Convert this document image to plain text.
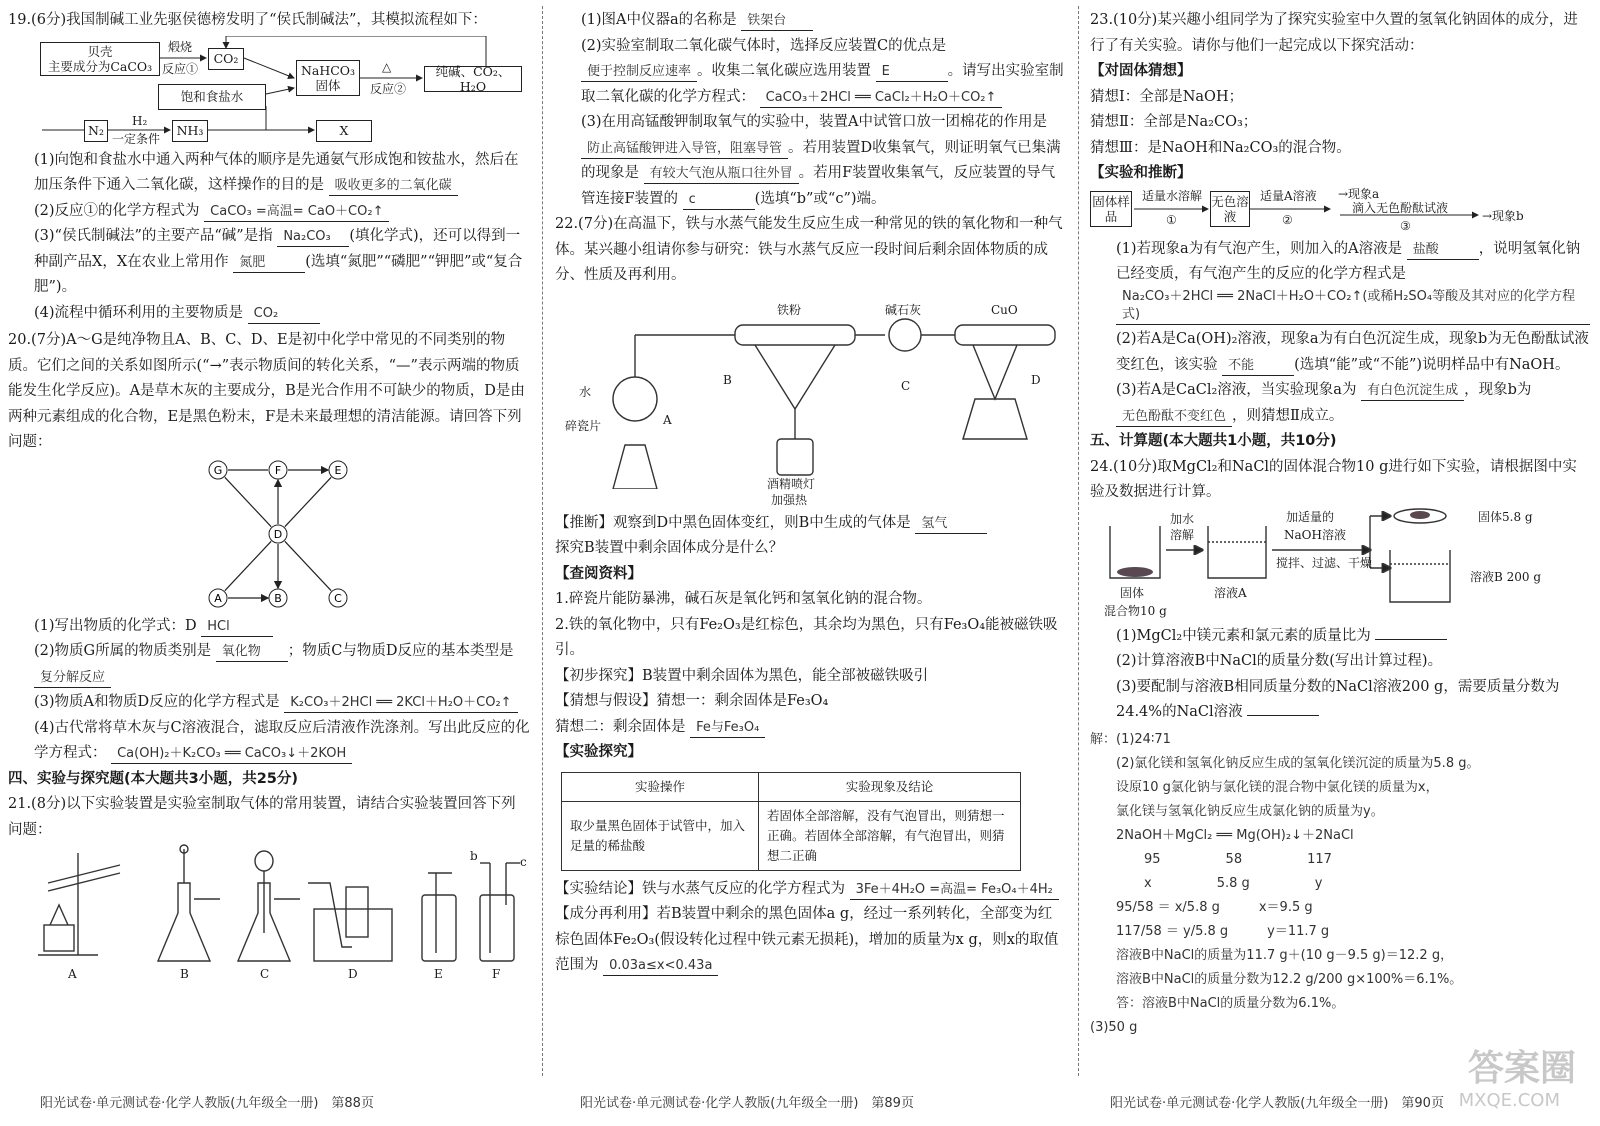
19.(6分)我国制碱工业先驱侯德榜发明了“侯氏制碱法”，其模拟流程如下：

贝壳
主要成分为CaCO₃
煅烧
反应①
CO₂
饱和食盐水
NaHCO₃
固体
△
反应②
纯碱、CO₂、H₂O
N₂
H₂
一定条件
NH₃	X

(1)向饱和食盐水中通入两种气体的顺序是先通氨气形成饱和铵盐水，然后在加压条件下通入二氧化碳，这样操作的目的是 吸收更多的二氧化碳

(2)反应①的化学方程式为 CaCO₃ =高温= CaO＋CO₂↑

(3)“侯氏制碱法”的主要产品“碱”是指 Na₂CO₃ (填化学式)，还可以得到一种副产品X，X在农业上常用作 氮肥	(选填“氮肥”“磷肥”“钾肥”或“复合肥”)。

(4)流程中循环利用的主要物质是 CO₂

20.(7分)A～G是纯净物且A、B、C、D、E是初中化学中常见的不同类别的物质。它们之间的关系如图所示(“→”表示物质间的转化关系，“—”表示两端的物质能发生化学反应)。A是草木灰的主要成分，B是光合作用不可缺少的物质，D是由两种元素组成的化合物，E是黑色粉末，F是未来最理想的清洁能源。请回答下列问题：

G	F	E
D
A	B	C

(1)写出物质的化学式：D HCl

(2)物质G所属的物质类别是 氧化物 ；物质C与物质D反应的基本类型是 复分解反应

(3)物质A和物质D反应的化学方程式是 K₂CO₃＋2HCl ══ 2KCl＋H₂O＋CO₂↑

(4)古代常将草木灰与C溶液混合，滤取反应后清液作洗涤剂。写出此反应的化学方程式： Ca(OH)₂＋K₂CO₃ ══ CaCO₃↓＋2KOH

四、实验与探究题(本大题共3小题，共25分)

21.(8分)以下实验装置是实验室制取气体的常用装置，请结合实验装置回答下列问题：

A	B	C	D	E	F
b	c

(1)图A中仪器a的名称是 铁架台

(2)实验室制取二氧化碳气体时，选择反应装置C的优点是 便于控制反应速率 。收集二氧化碳应选用装置 E	。请写出实验室制取二氧化碳的化学方程式： CaCO₃＋2HCl ══ CaCl₂＋H₂O＋CO₂↑

(3)在用高锰酸钾制取氧气的实验中，装置A中试管口放一团棉花的作用是 防止高锰酸钾进入导管，阻塞导管 。若用装置D收集氧气，则证明氧气已集满的现象是 有较大气泡从瓶口往外冒 。若用F装置收集氧气，反应装置的导气管连接F装置的 c	(选填“b”或“c”)端。

22.(7分)在高温下，铁与水蒸气能发生反应生成一种常见的铁的氧化物和一种气体。某兴趣小组请你参与研究：铁与水蒸气反应一段时间后剩余固体物质的成分、性质及再利用。

铁粉	碱石灰	CuO
水
碎瓷片	A
B	C	D
酒精喷灯
加强热

【推断】观察到D中黑色固体变红，则B中生成的气体是 氢气

探究B装置中剩余固体成分是什么？

【查阅资料】

1.碎瓷片能防暴沸，碱石灰是氧化钙和氢氧化钠的混合物。

2.铁的氧化物中，只有Fe₂O₃是红棕色，其余均为黑色，只有Fe₃O₄能被磁铁吸引。

【初步探究】B装置中剩余固体为黑色，能全部被磁铁吸引

【猜想与假设】猜想一：剩余固体是Fe₃O₄

猜想二：剩余固体是 Fe与Fe₃O₄

【实验探究】

实验操作	实验现象及结论
取少量黑色固体于试管中，加入足量的稀盐酸	若固体全部溶解，没有气泡冒出，则猜想一正确。若固体全部溶解，有气泡冒出，则猜想二正确

【实验结论】铁与水蒸气反应的化学方程式为 3Fe＋4H₂O =高温= Fe₃O₄＋4H₂

【成分再利用】若B装置中剩余的黑色固体a g，经过一系列转化，全部变为红棕色固体Fe₂O₃(假设转化过程中铁元素无损耗)，增加的质量为x g，则x的取值范围为 0.03a≤x<0.43a

23.(10分)某兴趣小组同学为了探究实验室中久置的氢氧化钠固体的成分，进行了有关实验。请你与他们一起完成以下探究活动：

【对固体猜想】

猜想Ⅰ：全部是NaOH；

猜想Ⅱ：全部是Na₂CO₃；

猜想Ⅲ：是NaOH和Na₂CO₃的混合物。

【实验和推断】

固体样品
适量水溶解
①
无色溶液
适量A溶液
②
→现象a
滴入无色酚酞试液
③
→现象b

(1)若现象a为有气泡产生，则加入的A溶液是 盐酸	，说明氢氧化钠已经变质，有气泡产生的反应的化学方程式是 Na₂CO₃＋2HCl ══ 2NaCl＋H₂O＋CO₂↑(或稀H₂SO₄等酸及其对应的化学方程式)

(2)若A是Ca(OH)₂溶液，现象a为有白色沉淀生成，现象b为无色酚酞试液变红色，该实验 不能	(选填“能”或“不能”)说明样品中有NaOH。

(3)若A是CaCl₂溶液，当实验现象a为 有白色沉淀生成 ，现象b为 无色酚酞不变红色 ，则猜想Ⅱ成立。

五、计算题(本大题共1小题，共10分)

24.(10分)取MgCl₂和NaCl的固体混合物10 g进行如下实验，请根据图中实验及数据进行计算。

加水
溶解
加适量的
NaOH溶液
搅拌、过滤、干燥
固体5.8 g
溶液B 200 g
固体
混合物10 g
溶液A

(1)MgCl₂中镁元素和氯元素的质量比为

(2)计算溶液B中NaCl的质量分数(写出计算过程)。

(3)要配制与溶液B相同质量分数的NaCl溶液200 g，需要质量分数为24.4%的NaCl溶液

解：(1)24∶71

(2)氯化镁和氢氧化钠反应生成的氢氧化镁沉淀的质量为5.8 g。

设原10 g氯化钠与氯化镁的混合物中氯化镁的质量为x，

氯化镁与氢氧化钠反应生成氯化钠的质量为y。

2NaOH＋MgCl₂ ══ Mg(OH)₂↓＋2NaCl

95　　　　　58　　　　　117

x　　　　　5.8 g　　　　　y

95/58 ＝ x/5.8 g　　　x＝9.5 g

117/58 ＝ y/5.8 g　　　y＝11.7 g

溶液B中NaCl的质量为11.7 g＋(10 g－9.5 g)＝12.2 g，

溶液B中NaCl的质量分数为12.2 g/200 g×100%＝6.1%。

答：溶液B中NaCl的质量分数为6.1%。

(3)50 g

答案圈
MXQE.COM
阳光试卷·单元测试卷·化学人教版(九年级全一册)　第88页	阳光试卷·单元测试卷·化学人教版(九年级全一册)　第89页	阳光试卷·单元测试卷·化学人教版(九年级全一册)　第90页
